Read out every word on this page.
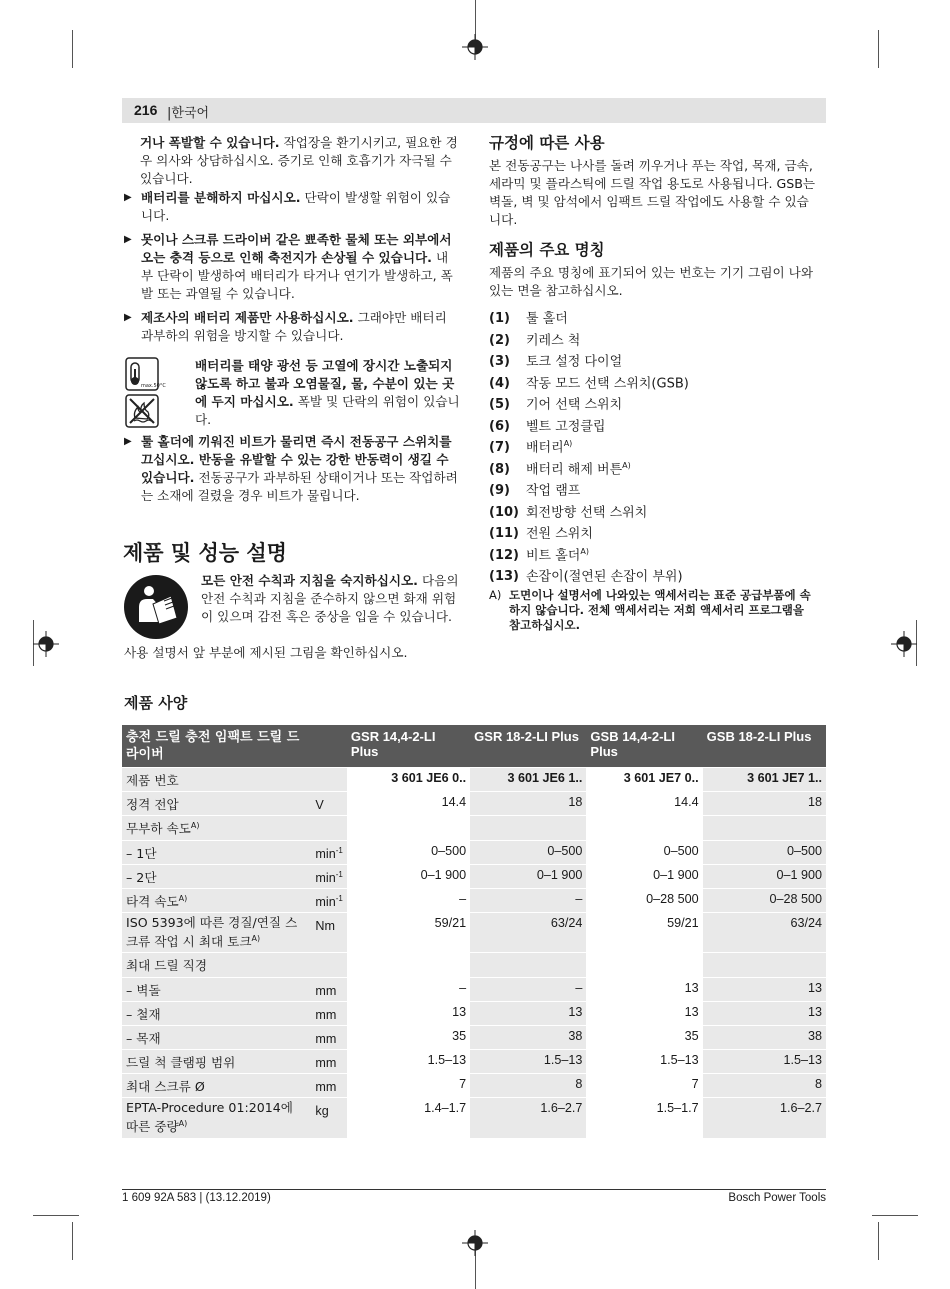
216 |한국어
거나 폭발할 수 있습니다. 작업장을 환기시키고, 필요한 경우 의사와 상담하십시오. 증기로 인해 호흡기가 자극될 수 있습니다.
▶ 배터리를 분해하지 마십시오. 단락이 발생할 위험이 있습니다.
▶ 못이나 스크류 드라이버 같은 뾰족한 물체 또는 외부에서 오는 충격 등으로 인해 축전지가 손상될 수 있습니다. 내부 단락이 발생하여 배터리가 타거나 연기가 발생하고, 폭발 또는 과열될 수 있습니다.
▶ 제조사의 배터리 제품만 사용하십시오. 그래야만 배터리 과부하의 위험을 방지할 수 있습니다.
max.50°C
배터리를 태양 광선 등 고열에 장시간 노출되지 않도록 하고 불과 오염물질, 물, 수분이 있는 곳에 두지 마십시오. 폭발 및 단락의 위험이 있습니다.
▶ 툴 홀더에 끼워진 비트가 물리면 즉시 전동공구 스위치를 끄십시오. 반동을 유발할 수 있는 강한 반동력이 생길 수 있습니다. 전동공구가 과부하된 상태이거나 또는 작업하려는 소재에 걸렸을 경우 비트가 물립니다.
제품 및 성능 설명
모든 안전 수칙과 지침을 숙지하십시오. 다음의 안전 수칙과 지침을 준수하지 않으면 화재 위험이 있으며 감전 혹은 중상을 입을 수 있습니다.
사용 설명서 앞 부분에 제시된 그림을 확인하십시오.
제품 사양
규정에 따른 사용
본 전동공구는 나사를 돌려 끼우거나 푸는 작업, 목재, 금속, 세라믹 및 플라스틱에 드릴 작업 용도로 사용됩니다. GSB는 벽돌, 벽 및 암석에서 임팩트 드릴 작업에도 사용할 수 있습니다.
제품의 주요 명칭
제품의 주요 명칭에 표기되어 있는 번호는 기기 그림이 나와있는 면을 참고하십시오.
(1) 툴 홀더
(2) 키레스 척
(3) 토크 설정 다이얼
(4) 작동 모드 선택 스위치(GSB)
(5) 기어 선택 스위치
(6) 벨트 고정클립
(7) 배터리$^{A)}$
(8) 배터리 해제 버튼$^{A)}$
(9) 작업 램프
(10) 회전방향 선택 스위치
(11) 전원 스위치
(12) 비트 홀더$^{A)}$
(13) 손잡이(절연된 손잡이 부위)
A) 도면이나 설명서에 나와있는 액세서리는 표준 공급부품에 속하지 않습니다. 전체 액세서리는 저희 액세서리 프로그램을 참고하십시오.
충전 드릴 충전 임팩트 드릴 드라이버		GSR 14,4-2-LI Plus	GSR 18-2-LI Plus	GSB 14,4-2-LI Plus	GSB 18-2-LI Plus
제품 번호		3 601 JE6 0..	3 601 JE6 1..	3 601 JE7 0..	3 601 JE7 1..
정격 전압	V	14.4	18	14.4	18
무부하 속도$^{A)}$					
– 1단	$\min^{-1}$	0–500	0–500	0–500	0–500
– 2단	$\min^{-1}$	0–1 900	0–1 900	0–1 900	0–1 900
타격 속도$^{A)}$	$\min^{-1}$	–	–	0–28 500	0–28 500
ISO 5393에 따른 경질/연질 스크류 작업 시 최대 토크$^{A)}$	Nm	59/21	63/24	59/21	63/24
최대 드릴 직경					
– 벽돌	mm	–	–	13	13
– 철재	mm	13	13	13	13
– 목재	mm	35	38	35	38
드릴 척 클램핑 범위	mm	1.5–13	1.5–13	1.5–13	1.5–13
최대 스크류 Ø	mm	7	8	7	8
EPTA-Procedure 01:2014에 따른 중량$^{A)}$	kg	1.4–1.7	1.6–2.7	1.5–1.7	1.6–2.7
1 609 92A 583 | (13.12.2019)	Bosch Power Tools
